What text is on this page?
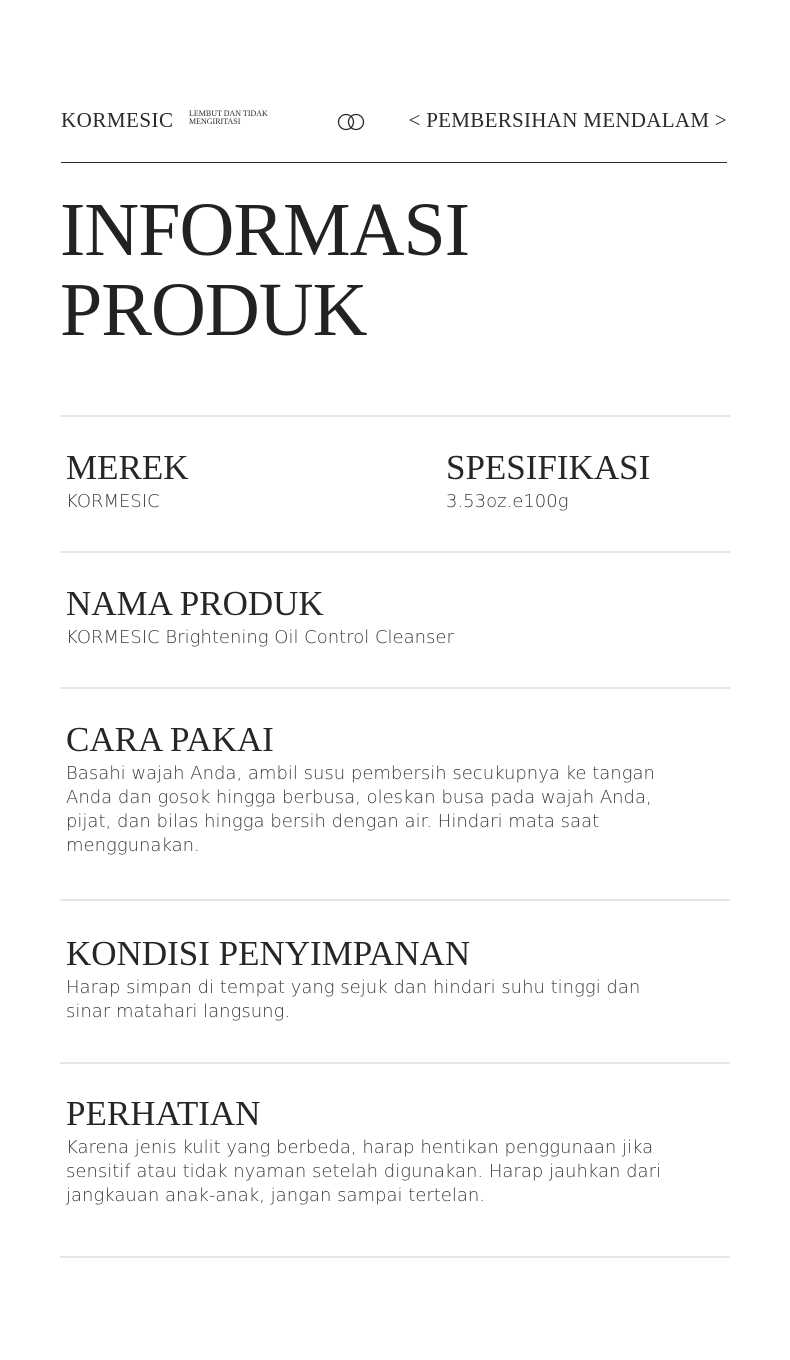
KORMESIC LEMBUT DAN TIDAK
MENGIRITASI	< PEMBERSIHAN MENDALAM >
INFORMASI
PRODUK

MEREK

KORMESIC

SPESIFIKASI

3.53oz.e100g

NAMA PRODUK

KORMESIC Brightening Oil Control Cleanser

CARA PAKAI

Basahi wajah Anda, ambil susu pembersih secukupnya ke tangan
Anda dan gosok hingga berbusa, oleskan busa pada wajah Anda,
pijat, dan bilas hingga bersih dengan air. Hindari mata saat
menggunakan.

KONDISI PENYIMPANAN

Harap simpan di tempat yang sejuk dan hindari suhu tinggi dan
sinar matahari langsung.

PERHATIAN

Karena jenis kulit yang berbeda, harap hentikan penggunaan jika
sensitif atau tidak nyaman setelah digunakan. Harap jauhkan dari
jangkauan anak-anak, jangan sampai tertelan.
